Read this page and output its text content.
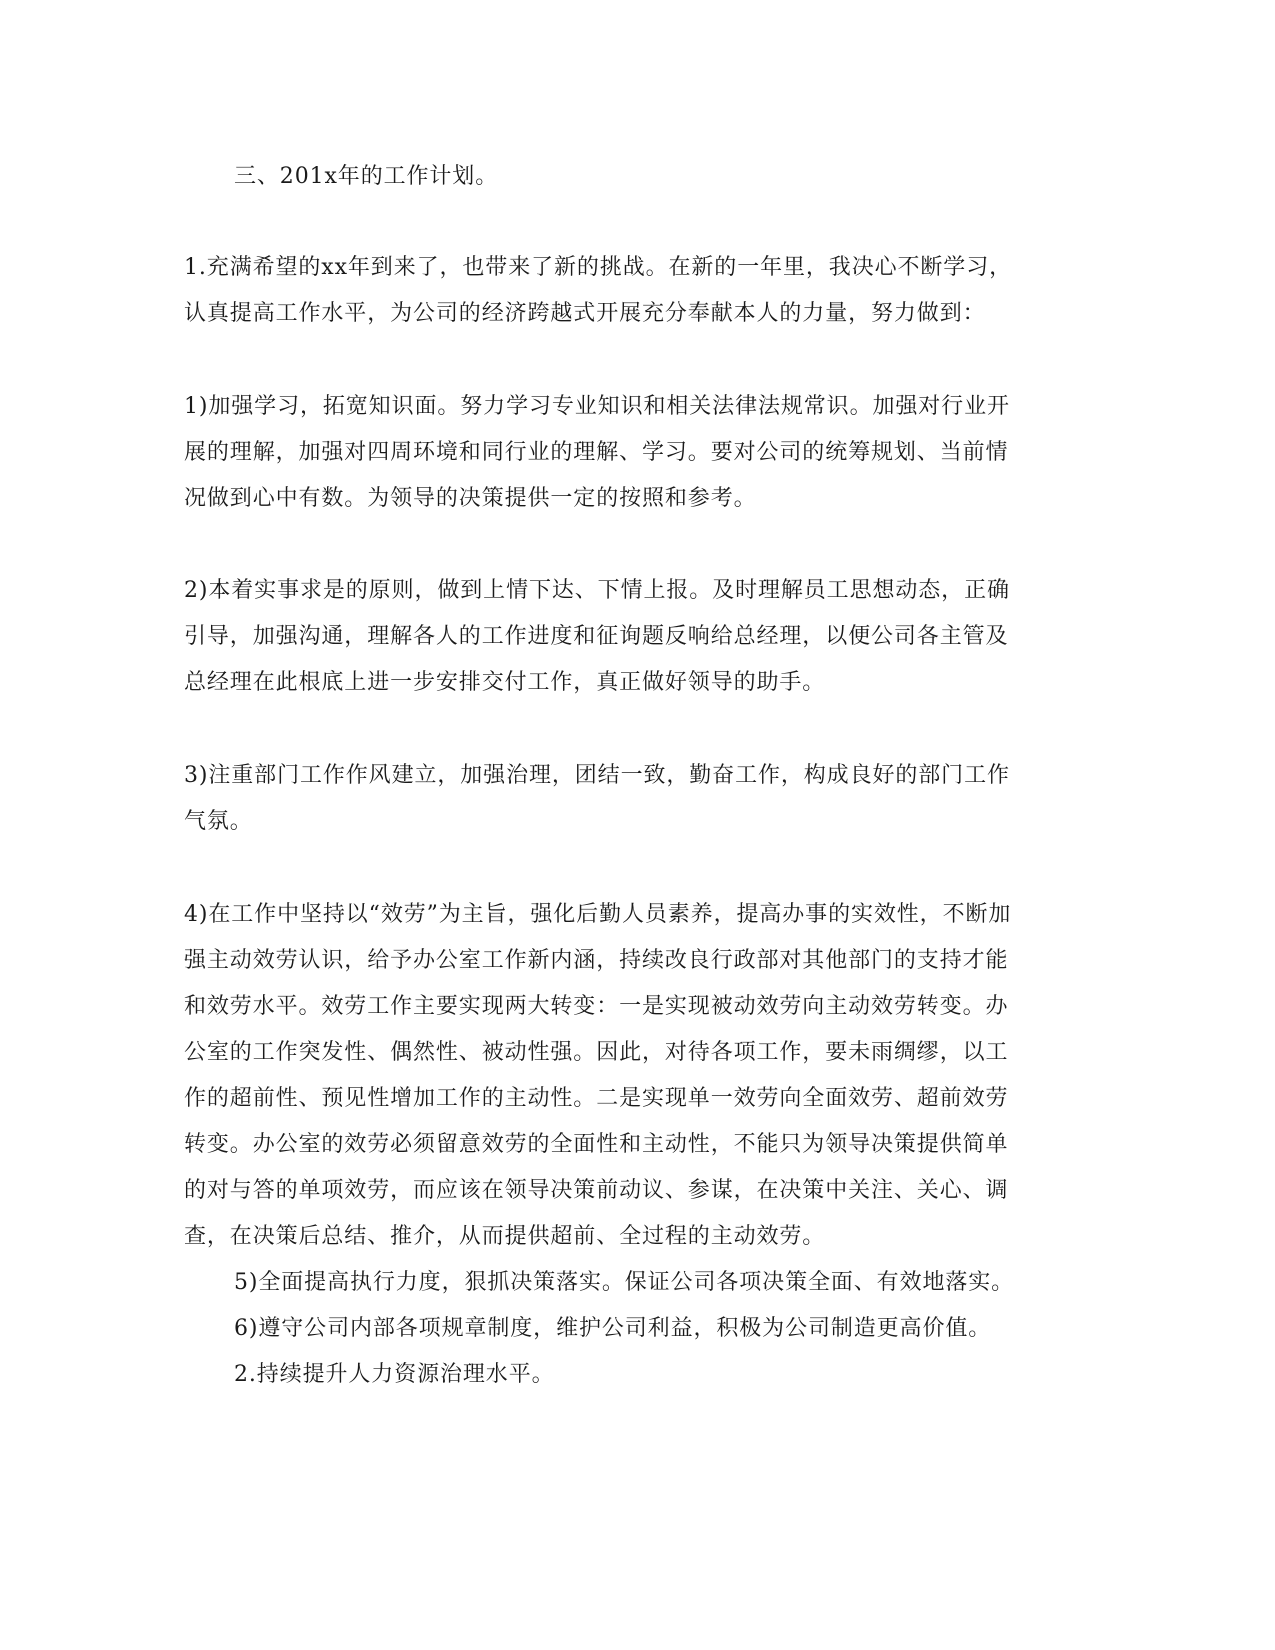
三、201x年的工作计划。
1.充满希望的xx年到来了，也带来了新的挑战。在新的一年里，我决心不断学习，
认真提高工作水平，为公司的经济跨越式开展充分奉献本人的力量，努力做到：
1)加强学习，拓宽知识面。努力学习专业知识和相关法律法规常识。加强对行业开
展的理解，加强对四周环境和同行业的理解、学习。要对公司的统筹规划、当前情
况做到心中有数。为领导的决策提供一定的按照和参考。
2)本着实事求是的原则，做到上情下达、下情上报。及时理解员工思想动态，正确
引导，加强沟通，理解各人的工作进度和征询题反响给总经理，以便公司各主管及
总经理在此根底上进一步安排交付工作，真正做好领导的助手。
3)注重部门工作作风建立，加强治理，团结一致，勤奋工作，构成良好的部门工作
气氛。
4)在工作中坚持以“效劳”为主旨，强化后勤人员素养，提高办事的实效性，不断加
强主动效劳认识，给予办公室工作新内涵，持续改良行政部对其他部门的支持才能
和效劳水平。效劳工作主要实现两大转变：一是实现被动效劳向主动效劳转变。办
公室的工作突发性、偶然性、被动性强。因此，对待各项工作，要未雨绸缪，以工
作的超前性、预见性增加工作的主动性。二是实现单一效劳向全面效劳、超前效劳
转变。办公室的效劳必须留意效劳的全面性和主动性，不能只为领导决策提供简单
的对与答的单项效劳，而应该在领导决策前动议、参谋，在决策中关注、关心、调
查，在决策后总结、推介，从而提供超前、全过程的主动效劳。
5)全面提高执行力度，狠抓决策落实。保证公司各项决策全面、有效地落实。
6)遵守公司内部各项规章制度，维护公司利益，积极为公司制造更高价值。
2.持续提升人力资源治理水平。
